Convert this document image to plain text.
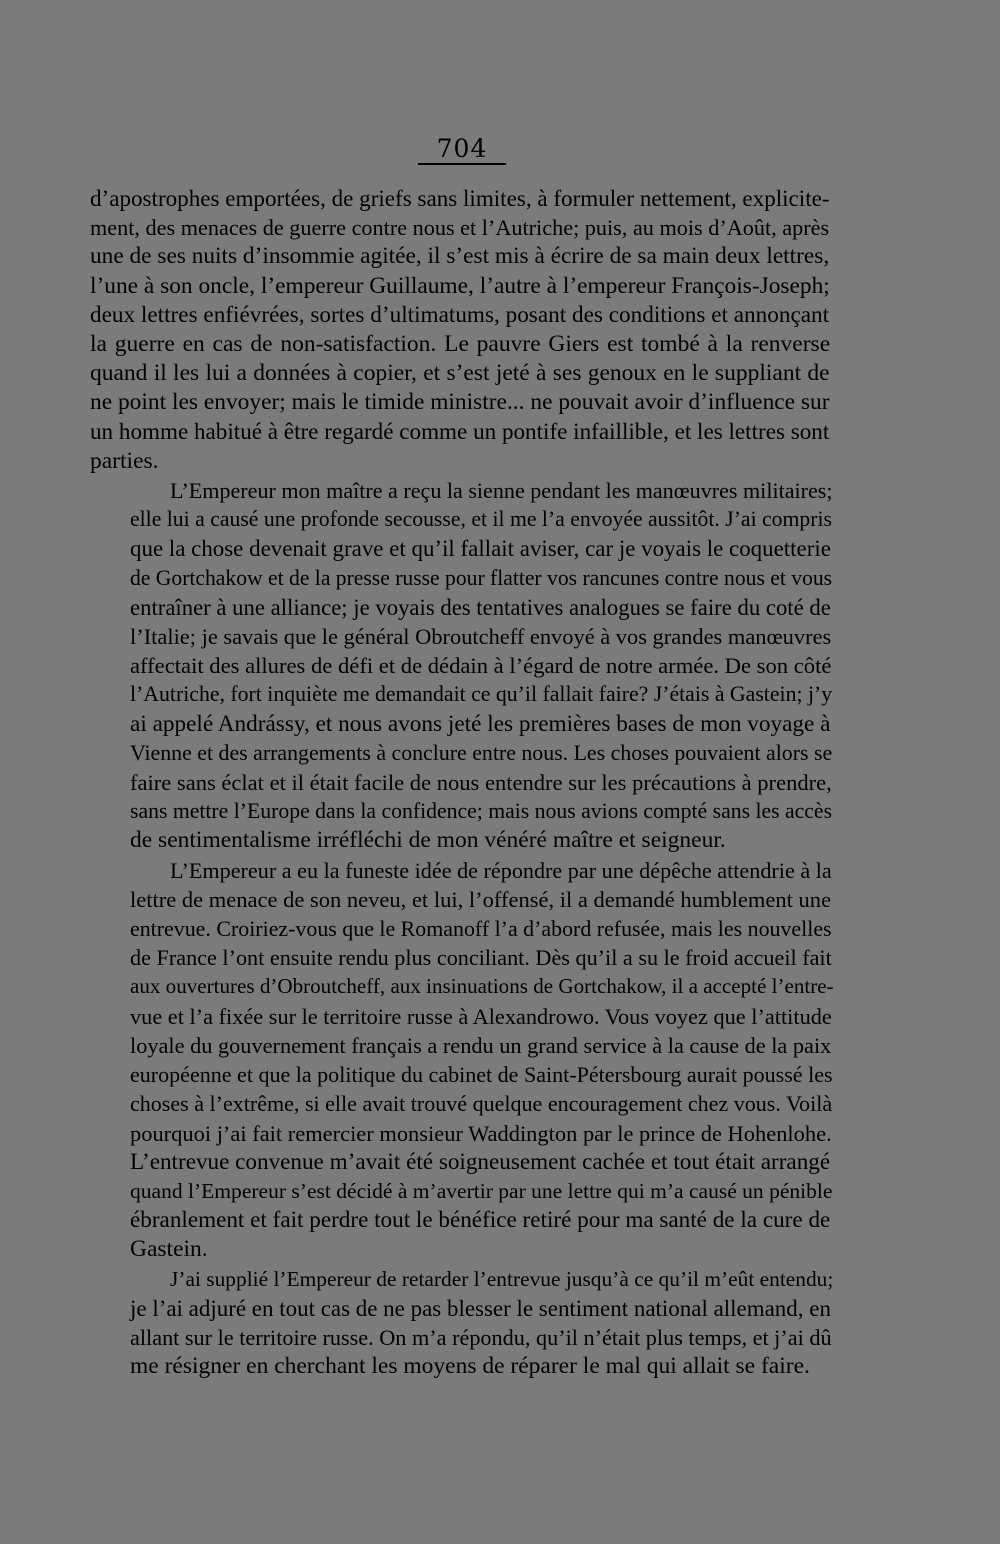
704
d’apostrophes emportées, de griefs sans limites, à formuler nettement, explicite-
ment, des menaces de guerre contre nous et l’Autriche; puis, au mois d’Août, après
une de ses nuits d’insommie agitée, il s’est mis à écrire de sa main deux lettres,
l’une à son oncle, l’empereur Guillaume, l’autre à l’empereur François-Joseph;
deux lettres enfiévrées, sortes d’ultimatums, posant des conditions et annonçant
la guerre en cas de non-satisfaction. Le pauvre Giers est tombé à la renverse
quand il les lui a données à copier, et s’est jeté à ses genoux en le suppliant de
ne point les envoyer; mais le timide ministre... ne pouvait avoir d’influence sur
un homme habitué à être regardé comme un pontife infaillible, et les lettres sont
parties.
L’Empereur mon maître a reçu la sienne pendant les manœuvres militaires;
elle lui a causé une profonde secousse, et il me l’a envoyée aussitôt. J’ai compris
que la chose devenait grave et qu’il fallait aviser, car je voyais le coquetterie
de Gortchakow et de la presse russe pour flatter vos rancunes contre nous et vous
entraîner à une alliance; je voyais des tentatives analogues se faire du coté de
l’Italie; je savais que le général Obroutcheff envoyé à vos grandes manœuvres
affectait des allures de défi et de dédain à l’égard de notre armée. De son côté
l’Autriche, fort inquiète me demandait ce qu’il fallait faire? J’étais à Gastein; j’y
ai appelé Andrássy, et nous avons jeté les premières bases de mon voyage à
Vienne et des arrangements à conclure entre nous. Les choses pouvaient alors se
faire sans éclat et il était facile de nous entendre sur les précautions à prendre,
sans mettre l’Europe dans la confidence; mais nous avions compté sans les accès
de sentimentalisme irréfléchi de mon vénéré maître et seigneur.
L’Empereur a eu la funeste idée de répondre par une dépêche attendrie à la
lettre de menace de son neveu, et lui, l’offensé, il a demandé humblement une
entrevue. Croiriez-vous que le Romanoff l’a d’abord refusée, mais les nouvelles
de France l’ont ensuite rendu plus conciliant. Dès qu’il a su le froid accueil fait
aux ouvertures d’Obroutcheff, aux insinuations de Gortchakow, il a accepté l’entre-
vue et l’a fixée sur le territoire russe à Alexandrowo. Vous voyez que l’attitude
loyale du gouvernement français a rendu un grand service à la cause de la paix
européenne et que la politique du cabinet de Saint-Pétersbourg aurait poussé les
choses à l’extrême, si elle avait trouvé quelque encouragement chez vous. Voilà
pourquoi j’ai fait remercier monsieur Waddington par le prince de Hohenlohe.
L’entrevue convenue m’avait été soigneusement cachée et tout était arrangé
quand l’Empereur s’est décidé à m’avertir par une lettre qui m’a causé un pénible
ébranlement et fait perdre tout le bénéfice retiré pour ma santé de la cure de
Gastein.
J’ai supplié l’Empereur de retarder l’entrevue jusqu’à ce qu’il m’eût entendu;
je l’ai adjuré en tout cas de ne pas blesser le sentiment national allemand, en
allant sur le territoire russe. On m’a répondu, qu’il n’était plus temps, et j’ai dû
me résigner en cherchant les moyens de réparer le mal qui allait se faire.
